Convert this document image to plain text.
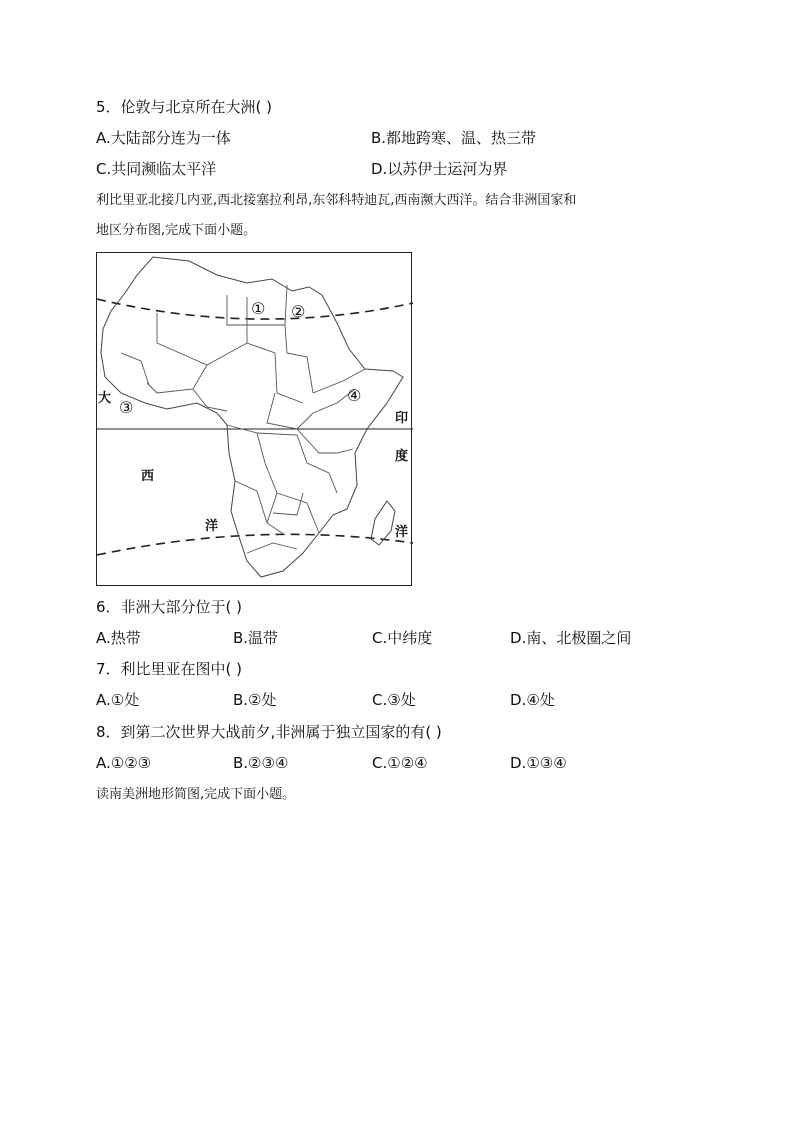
5．伦敦与北京所在大洲( )
A.大陆部分连为一体	B.都地跨寒、温、热三带
C.共同濒临太平洋	D.以苏伊士运河为界
利比里亚北接几内亚,西北接塞拉利昂,东邻科特迪瓦,西南濒大西洋。结合非洲国家和
地区分布图,完成下面小题。
① ②
③
④
大
西
洋
印
度
洋
6．非洲大部分位于( )
A.热带	B.温带	C.中纬度	D.南、北极圈之间
7．利比里亚在图中( )
A.①处	B.②处	C.③处	D.④处
8．到第二次世界大战前夕,非洲属于独立国家的有( )
A.①②③	B.②③④	C.①②④	D.①③④
读南美洲地形简图,完成下面小题。
